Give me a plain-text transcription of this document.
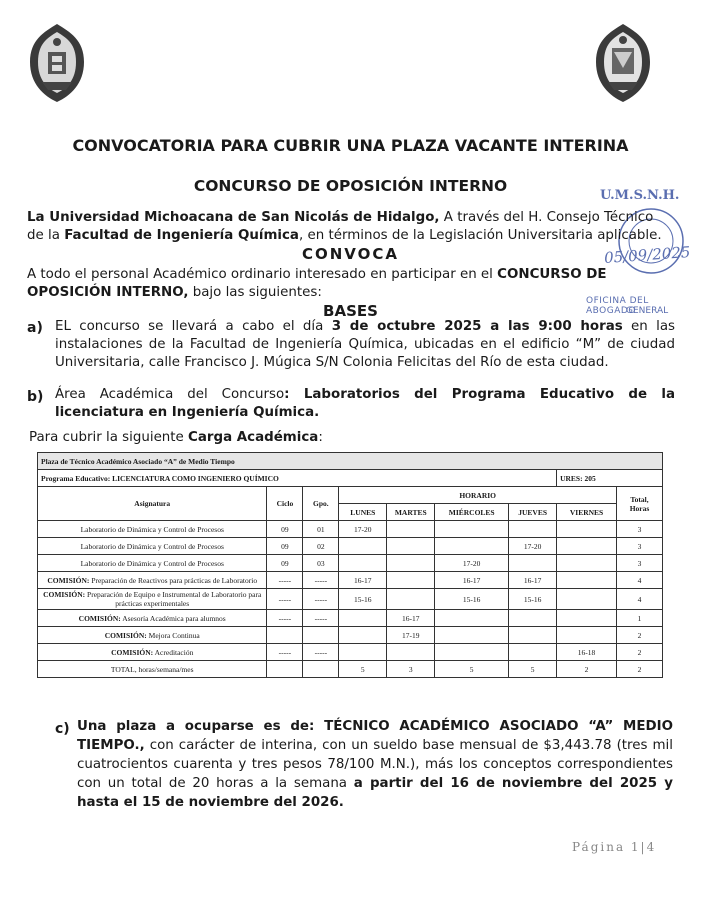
CONVOCATORIA PARA CUBRIR UNA PLAZA VACANTE INTERINA
CONCURSO DE OPOSICIÓN INTERNO
U.M.S.N.H.
05/09/2025
OFICINA DEL ABOGADO
GENERAL
La Universidad Michoacana de San Nicolás de Hidalgo, A través del H. Consejo Técnico de la Facultad de Ingeniería Química, en términos de la Legislación Universitaria aplicable.
CONVOCA
A todo el personal Académico ordinario interesado en participar en el CONCURSO DE OPOSICIÓN INTERNO, bajo las siguientes:
BASES
a) EL concurso se llevará a cabo el día 3 de octubre 2025 a las 9:00 horas en las instalaciones de la Facultad de Ingeniería Química, ubicadas en el edificio “M” de ciudad Universitaria, calle Francisco J. Múgica S/N Colonia Felicitas del Río de esta ciudad.
b) Área Académica del Concurso: Laboratorios del Programa Educativo de la licenciatura en Ingeniería Química.
Para cubrir la siguiente Carga Académica:
Plaza de Técnico Académico Asociado “A” de Medio Tiempo								
Programa Educativo: LICENCIATURA COMO INGENIERO QUÍMICO							URES: 205	
Asignatura	Ciclo	Gpo.	HORARIO					Total, Horas
			LUNES	MARTES	MIÉRCOLES	JUEVES	VIERNES	
Laboratorio de Dinámica y Control de Procesos	09	01	17-20					3
Laboratorio de Dinámica y Control de Procesos	09	02				17-20		3
Laboratorio de Dinámica y Control de Procesos	09	03			17-20			3
COMISIÓN: Preparación de Reactivos para prácticas de Laboratorio	-----	-----	16-17		16-17	16-17		4
COMISIÓN: Preparación de Equipo e Instrumental de Laboratorio para prácticas experimentales	-----	-----	15-16		15-16	15-16		4
COMISIÓN: Asesoría Académica para alumnos	-----	-----		16-17				1
COMISIÓN: Mejora Continua				17-19				2
COMISIÓN: Acreditación	-----	-----					16-18	2
TOTAL, horas/semana/mes			5	3	5	5	2	2
c) Una plaza a ocuparse es de: TÉCNICO ACADÉMICO ASOCIADO “A” MEDIO TIEMPO., con carácter de interina, con un sueldo base mensual de $3,443.78 (tres mil cuatrocientos cuarenta y tres pesos 78/100 M.N.), más los conceptos correspondientes con un total de 20 horas a la semana a partir del 16 de noviembre del 2025 y hasta el 15 de noviembre del 2026.
Página 1|4
